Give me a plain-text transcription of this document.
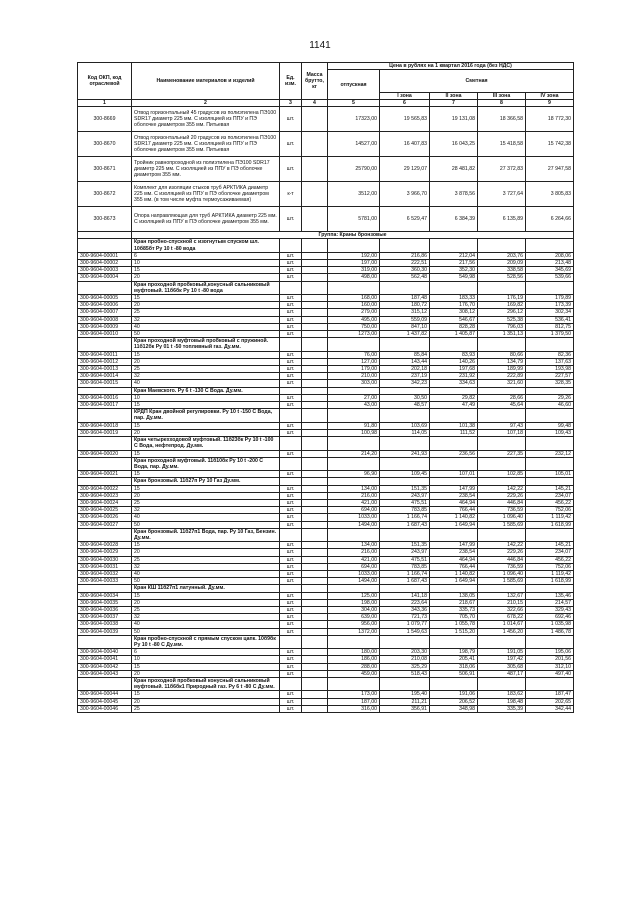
1141
Код ОКП, код отраслевой	Наименование материалов и изделий	Ед. изм.	Масса брутто, кг	Цена в рублях на 1 квартал 2016 года (без НДС)				
				отпускная	Сметная			
					I зона	II зона	III зона	IV зона
1	2	3	4	5	6	7	8	9
300-8669	Отвод горизонтальный 45 градусов из полиэтилена ПЭ100 SDR17 диаметр 225 мм. С изоляцией из ППУ и ПЭ оболочке диаметром 355 мм. Питьевая	шт.		17323,00	19 565,83	19 131,08	18 366,58	18 772,30
300-8670	Отвод горизонтальный 20 градусов из полиэтилена ПЭ100 SDR17 диаметр 225 мм. С изоляцией из ППУ и ПЭ оболочке диаметром 355 мм. Питьевая	шт.		14527,00	16 407,83	16 043,25	15 418,58	15 742,38
300-8671	Тройник равнопроходной из полиэтилена ПЭ100 SDR17 диаметр 225 мм. С изоляцией из ППУ в ПЭ оболочке диаметром 355 мм.	шт.		25790,00	29 129,07	28 481,82	27 372,83	27 947,58
300-8672	Комплект для изоляции стыков труб АРКТИКА диаметр 225 мм. С изоляцией из ППУ в ПЭ оболочке диаметром 355 мм. (в том числе муфта термоусаживаемая)	к-т		3512,00	3 966,70	3 878,56	3 727,64	3 805,83
300-8673	Опора направляющая для труб АРКТИКА диаметр 225 мм. С изоляцией из ППУ в ПЭ оболочке диаметром 355 мм.	шт.		5781,00	6 529,47	6 384,39	6 135,89	6 264,66
	Группа: Краны бронзовые							
	Кран пробно-спускной с изогнутым спуском шл. 10б85бт Ру 10 t -80 вода							
300-9604-00001	6	шт.		192,00	216,86	212,04	203,76	208,06
300-9604-00002	10	шт.		197,00	222,51	217,56	209,09	213,48
300-9604-00003	15	шт.		319,00	360,30	352,30	338,58	345,69
300-9604-00004	20	шт.		498,00	562,48	549,98	528,56	539,66
	Кран проходной пробковый,конусный сальниковый муфтовый. 11б6бк Ру 10 t -80 вода							
300-9604-00005	15	шт.		168,00	187,48	183,33	176,19	179,89
300-9604-00006	20	шт.		160,00	180,72	176,70	169,82	173,39
300-9604-00007	25	шт.		279,00	315,12	308,12	296,12	302,34
300-9604-00008	32	шт.		495,00	559,09	546,67	525,38	536,41
300-9604-00009	40	шт.		750,00	847,10	828,28	796,03	812,75
300-9604-00010	50	шт.		1273,00	1 437,82	1 405,87	1 351,13	1 379,50
	Кран проходной муфтовый пробковый с пружиной. 11б12бк Ру 01 t -50 топливный газ. Ду.мм.							
300-9604-00011	15	шт.		76,00	85,84	83,93	80,66	82,36
300-9604-00012	20	шт.		127,00	143,44	140,26	134,79	137,63
300-9604-00013	25	шт.		179,00	202,18	197,68	189,99	193,98
300-9604-00014	32	шт.		210,00	237,19	231,92	222,89	227,57
300-9604-00015	40	шт.		303,00	342,23	334,63	321,60	328,35
	Кран Маевского. Ру 6 t -130 С Вода. Ду.мм.							
300-9604-00016	10	шт.		27,00	30,50	29,82	28,66	29,26
300-9604-00017	15	шт.		43,00	48,57	47,49	45,64	46,60
	КРДП Кран двойной регулировки. Ру 10 t -150 С Вода, пар. Ду.мм.							
300-9604-00018	15	шт.		91,80	103,69	101,38	97,43	99,48
300-9604-00019	20	шт.		100,98	114,05	111,52	107,18	109,43
	Кран четырехходовой муфтовый. 11б23бк Ру 10 t -100 С Вода, нефтепрод. Ду.мм.							
300-9604-00020	15	шт.		214,20	241,93	236,56	227,35	232,12
	Кран проходной муфтовый. 11б10бк Ру 10 t -200 С Вода, пар. Ду.мм.							
300-9604-00021	15	шт.		96,90	109,45	107,01	102,85	105,01
	Кран бронзовый. 11б27п Ру 10 Газ Ду.мм.							
300-9604-00022	15	шт.		134,00	151,35	147,99	142,22	145,21
300-9604-00023	20	шт.		216,00	243,97	238,54	229,26	234,07
300-9604-00024	25	шт.		421,00	475,51	464,94	446,84	456,22
300-9604-00025	32	шт.		694,00	783,85	766,44	736,59	752,06
300-9604-00026	40	шт.		1033,00	1 166,74	1 140,82	1 096,40	1 119,42
300-9604-00027	50	шт.		1494,00	1 687,43	1 649,94	1 585,69	1 618,99
	Кран бронзовый. 11б27п1 Вода, пар. Ру 10 Газ, Бензин. Ду.мм.							
300-9604-00028	15	шт.		134,00	151,35	147,99	142,22	145,21
300-9604-00029	20	шт.		216,00	243,97	238,54	229,26	234,07
300-9604-00030	25	шт.		421,00	475,51	464,94	446,84	456,22
300-9604-00031	32	шт.		694,00	783,85	766,44	736,59	752,06
300-9604-00032	40	шт.		1033,00	1 166,74	1 140,82	1 096,40	1 119,42
300-9604-00033	50	шт.		1494,00	1 687,43	1 649,94	1 585,69	1 618,99
	Кран КШ 11б27п1 латунный. Ду.мм.							
300-9604-00034	15	шт.		125,00	141,18	138,05	132,67	135,46
300-9604-00035	20	шт.		198,00	223,64	218,67	210,15	214,57
300-9604-00036	25	шт.		304,00	343,36	335,73	322,66	329,43
300-9604-00037	32	шт.		639,00	721,73	705,70	678,22	692,46
300-9604-00038	40	шт.		956,00	1 079,77	1 055,78	1 014,67	1 035,98
300-9604-00039	50	шт.		1372,00	1 549,63	1 515,20	1 456,20	1 486,78
	Кран пробно-спускной с прямым спуском цапк. 10б9бк Ру 10 t -80 С Ду.мм.							
300-9604-00040	6	шт.		180,00	203,30	198,79	191,05	195,06
300-9604-00041	10	шт.		186,00	210,08	205,41	197,42	201,56
300-9604-00042	15	шт.		288,00	325,29	318,06	305,68	312,10
300-9604-00043	20	шт.		459,00	518,43	506,91	487,17	497,40
	Кран проходной пробковый конусный сальниковый муфтовый. 11б6бк1 Природный газ. Ру 6 t -80 С Ду.мм.							
300-9604-00044	15	шт.		173,00	195,40	191,06	183,62	187,47
300-9604-00045	20	шт.		187,00	211,21	206,52	198,48	202,65
300-9604-00046	25	шт.		316,00	356,91	348,98	335,39	342,44
